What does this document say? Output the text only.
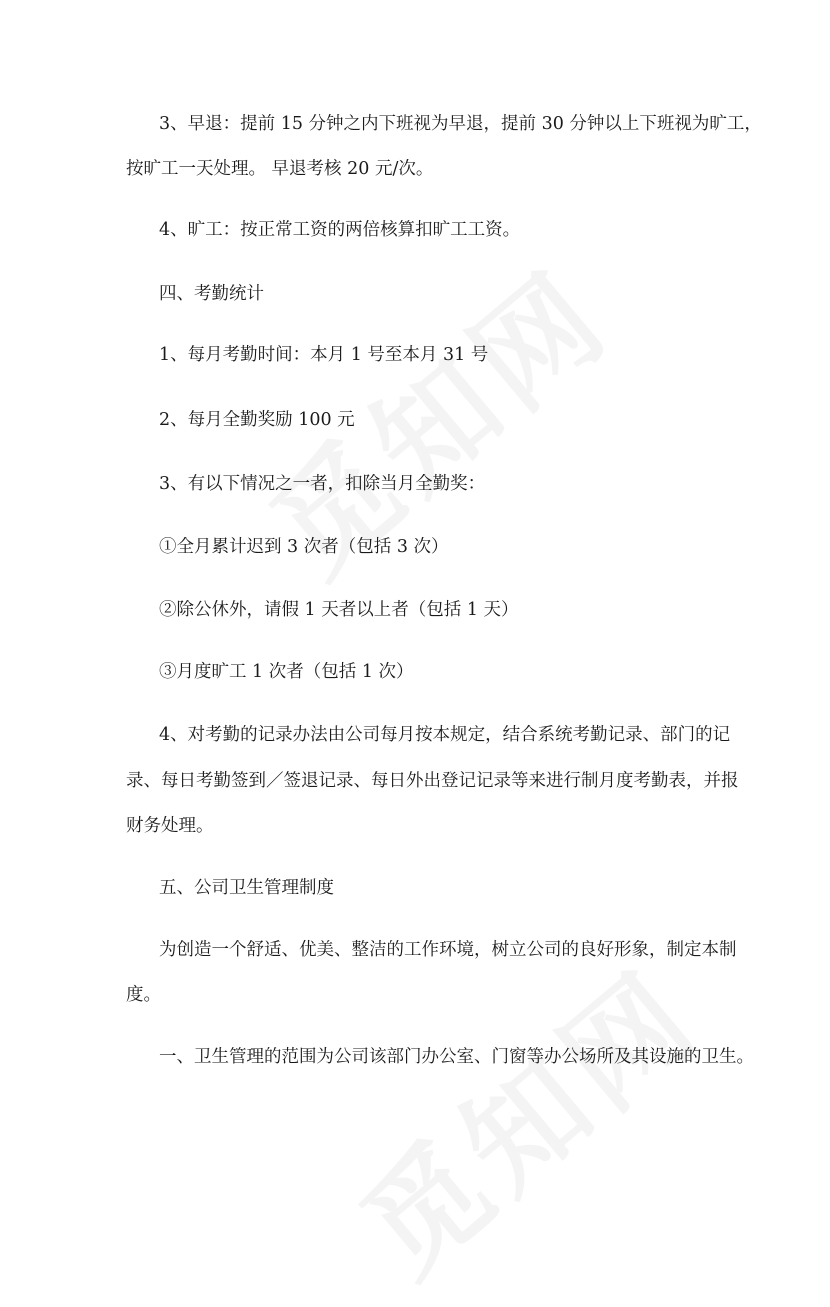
3、早退：提前 15 分钟之内下班视为早退，提前 30 分钟以上下班视为旷工，
按旷工一天处理。 早退考核 20 元/次。
4、旷工：按正常工资的两倍核算扣旷工工资。
四、考勤统计
1、每月考勤时间：本月 1 号至本月 31 号
2、每月全勤奖励 100 元
3、有以下情况之一者，扣除当月全勤奖：
①全月累计迟到 3 次者（包括 3 次）
②除公休外，请假 1 天者以上者（包括 1 天）
③月度旷工 1 次者（包括 1 次）
4、对考勤的记录办法由公司每月按本规定，结合系统考勤记录、部门的记
录、每日考勤签到／签退记录、每日外出登记记录等来进行制月度考勤表，并报
财务处理。
五、公司卫生管理制度
为创造一个舒适、优美、整洁的工作环境，树立公司的良好形象，制定本制
度。
一、卫生管理的范围为公司该部门办公室、门窗等办公场所及其设施的卫生。
